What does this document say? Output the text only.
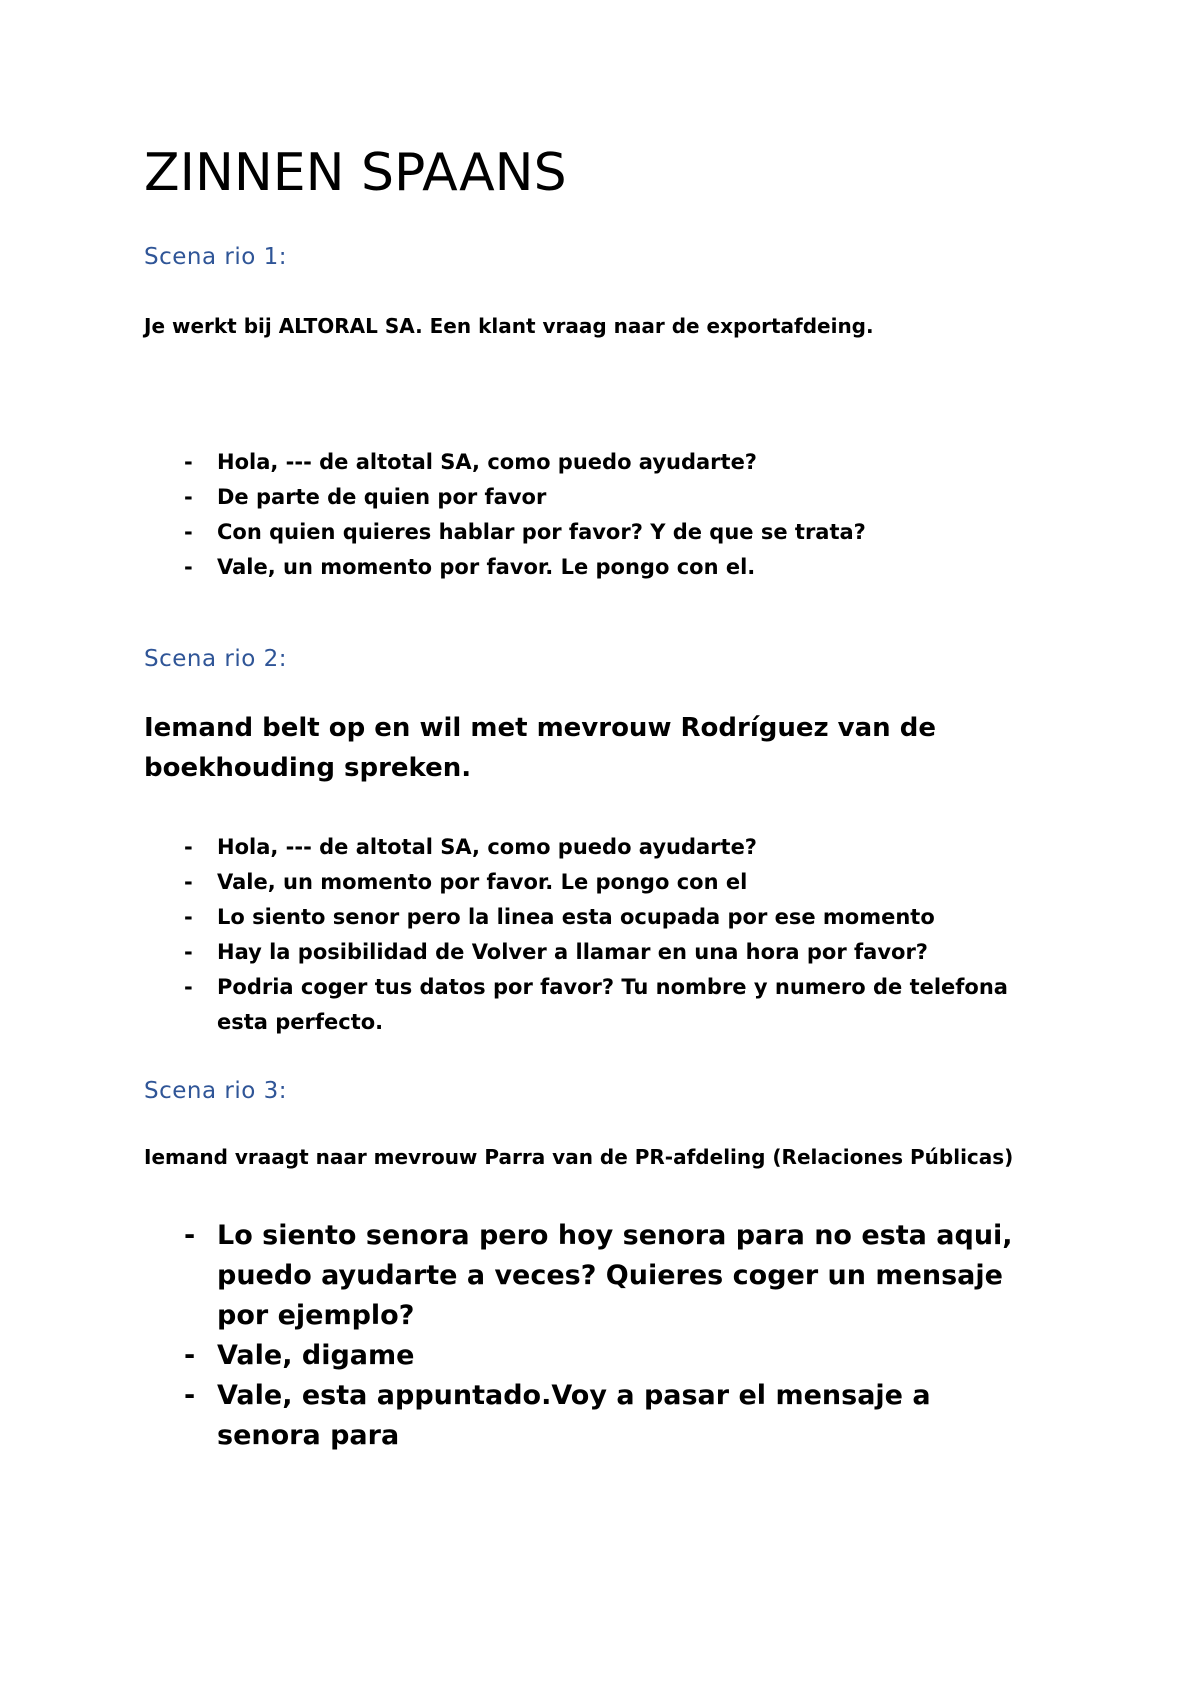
ZINNEN SPAANS
Scena rio 1:

Je werkt bij ALTORAL SA. Een klant vraag naar de exportafdeing.

- Hola, --- de altotal SA, como puedo ayudarte?
- De parte de quien por favor
- Con quien quieres hablar por favor? Y de que se trata?
- Vale, un momento por favor. Le pongo con el.
Scena rio 2:

Iemand belt op en wil met mevrouw Rodríguez van de boekhouding spreken.

- Hola, --- de altotal SA, como puedo ayudarte?
- Vale, un momento por favor. Le pongo con el
- Lo siento senor pero la linea esta ocupada por ese momento
- Hay la posibilidad de Volver a llamar en una hora por favor?
- Podria coger tus datos por favor? Tu nombre y numero de telefona esta perfecto.
Scena rio 3:

Iemand vraagt naar mevrouw Parra van de PR-afdeling (Relaciones Públicas)

- Lo siento senora pero hoy senora para no esta aqui, puedo ayudarte a veces? Quieres coger un mensaje por ejemplo?
- Vale, digame
- Vale, esta appuntado.Voy a pasar el mensaje a senora para
